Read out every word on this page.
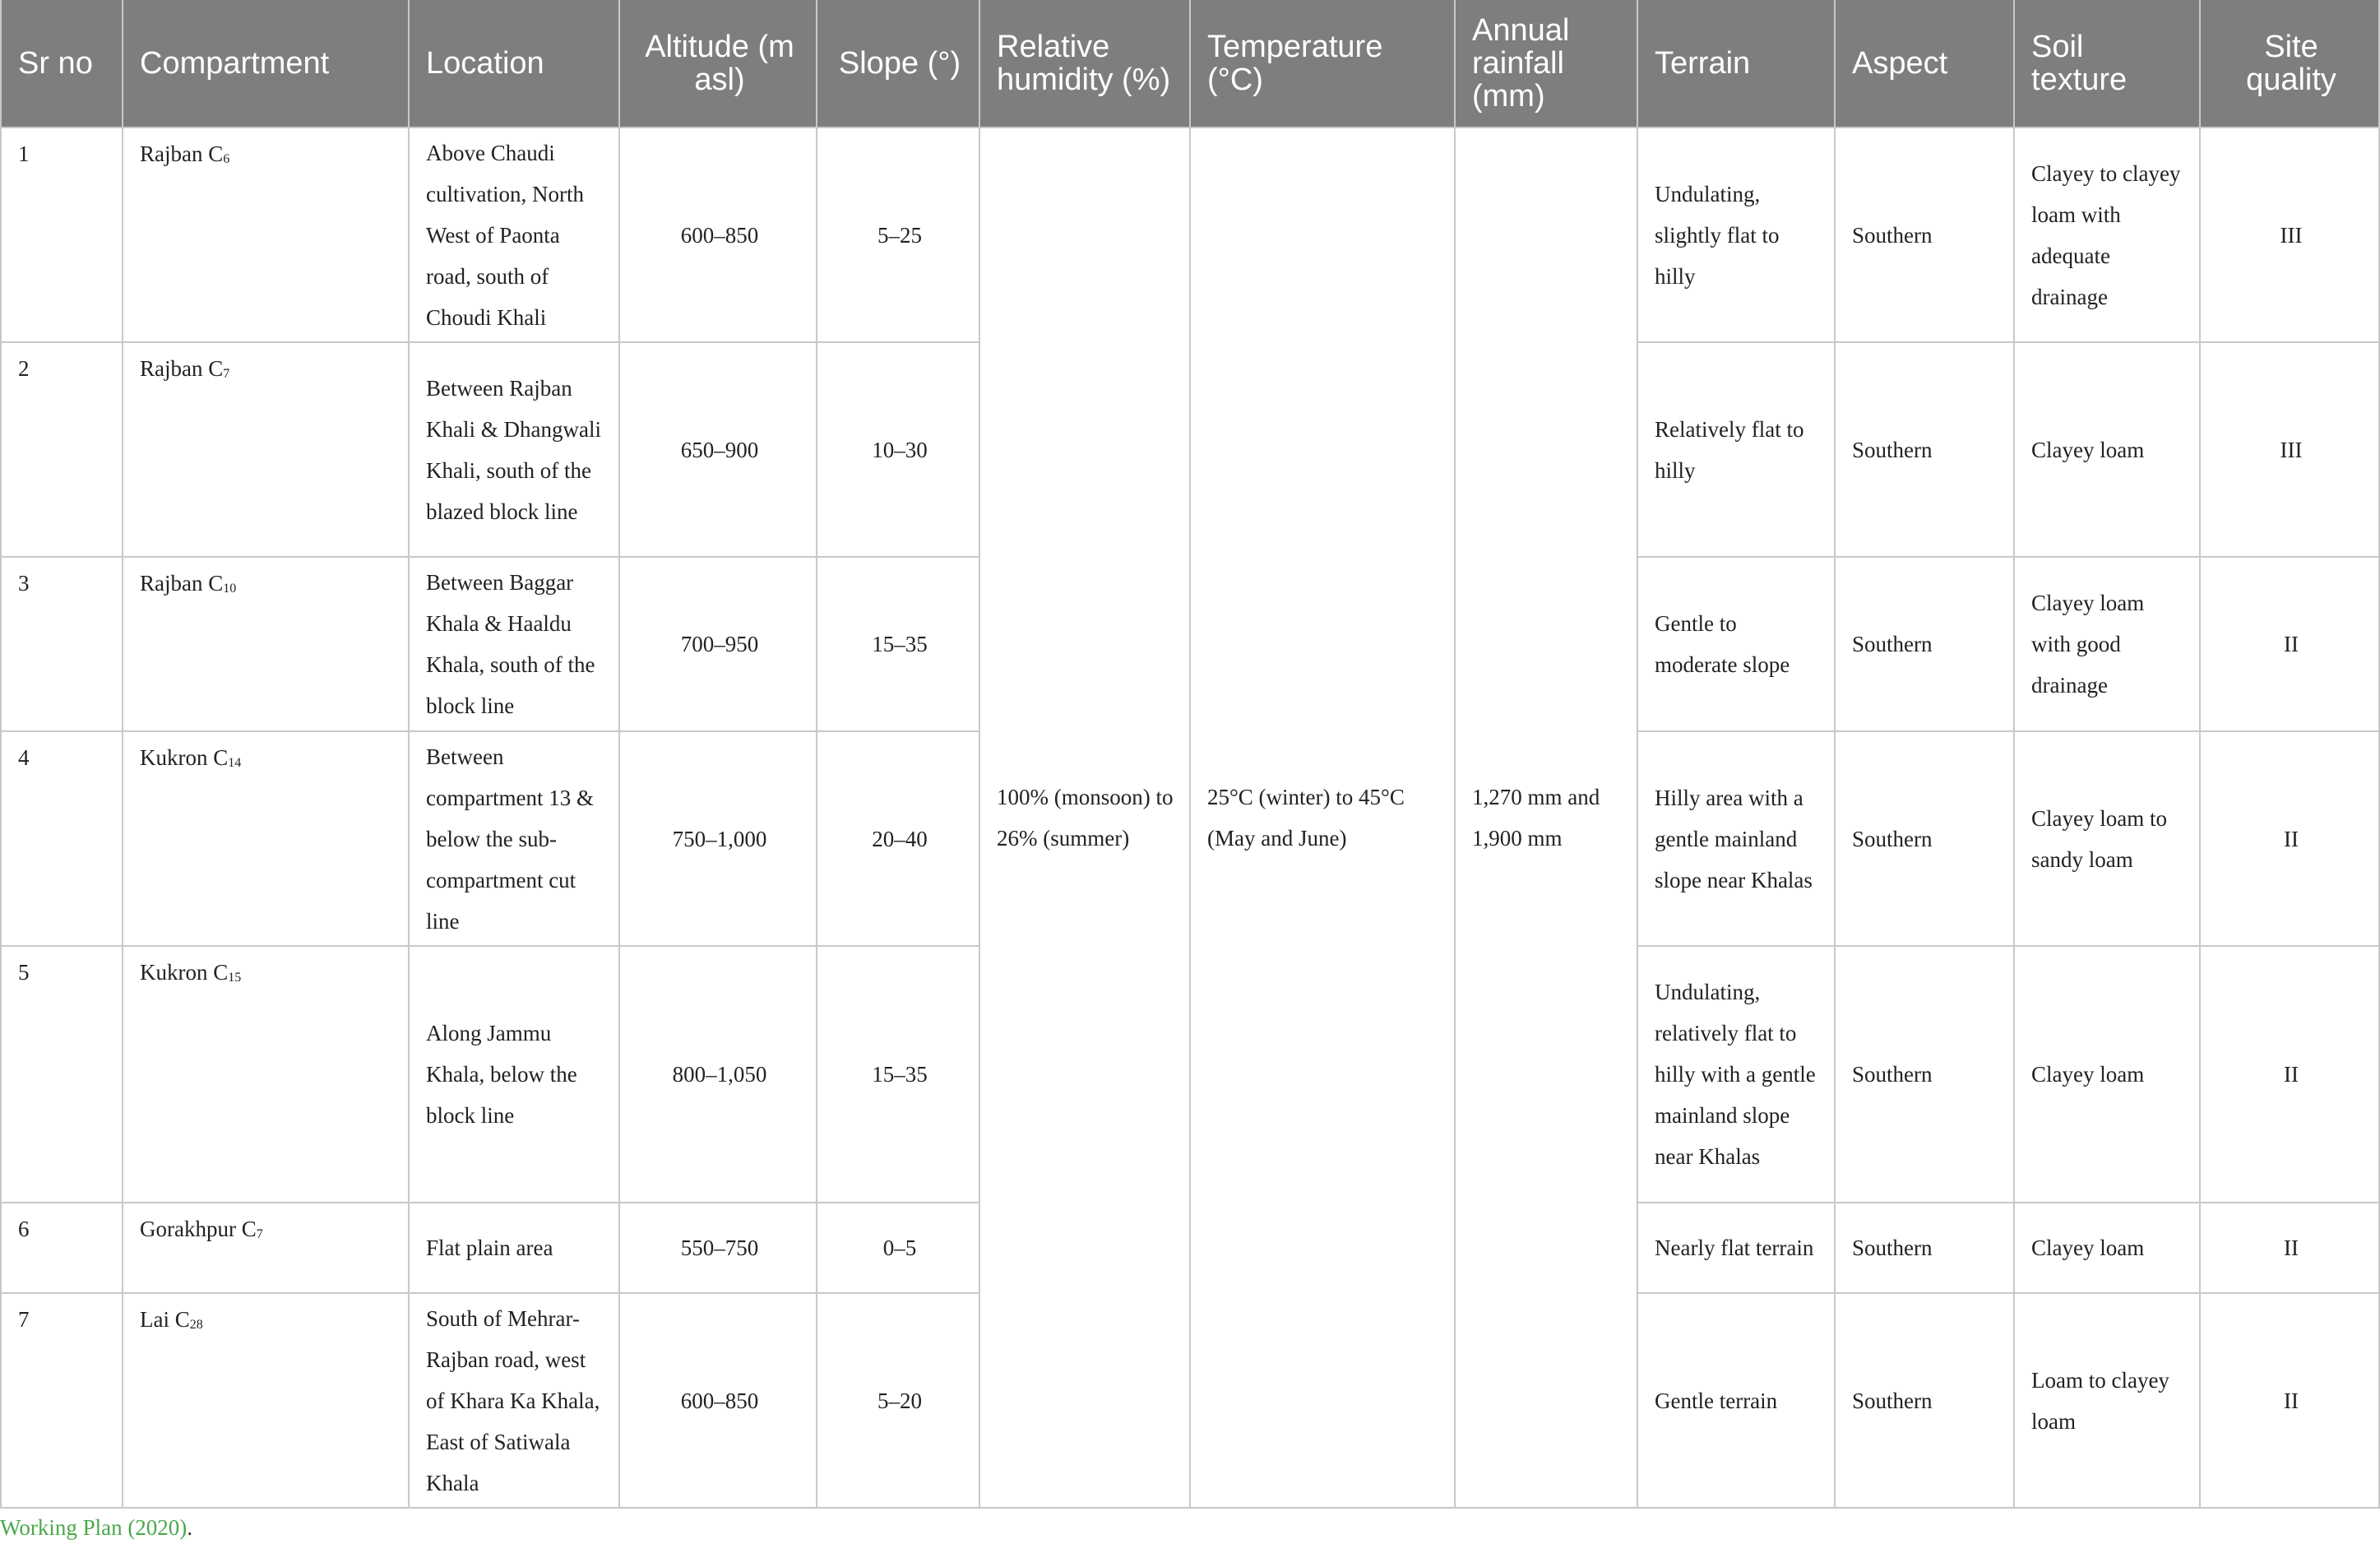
Sr no	Compartment	Location	Altitude (m asl)	Slope (°)	Relative humidity (%)	Temperature (°C)	Annual rainfall (mm)	Terrain	Aspect	Soil texture	Site quality
1	Rajban $C_6$	Above Chaudi cultivation, North West of Paonta road, south of Choudi Khali	600–850	5–25	100% (monsoon) to 26% (summer)	25°C (winter) to 45°C (May and June)	1,270 mm and 1,900 mm	Undulating, slightly flat to hilly	Southern	Clayey to clayey loam with adequate drainage	III
2	Rajban $C_7$	Between Rajban Khali & Dhangwali Khali, south of the blazed block line	650–900	10–30				Relatively flat to hilly	Southern	Clayey loam	III
3	Rajban $C_{10}$	Between Baggar Khala & Haaldu Khala, south of the block line	700–950	15–35				Gentle to moderate slope	Southern	Clayey loam with good drainage	II
4	Kukron $C_{14}$	Between compartment 13 & below the sub-compartment cut line	750–1,000	20–40				Hilly area with a gentle mainland slope near Khalas	Southern	Clayey loam to sandy loam	II
5	Kukron $C_{15}$	Along Jammu Khala, below the block line	800–1,050	15–35				Undulating, relatively flat to hilly with a gentle mainland slope near Khalas	Southern	Clayey loam	II
6	Gorakhpur $C_7$	Flat plain area	550–750	0–5				Nearly flat terrain	Southern	Clayey loam	II
7	Lai $C_{28}$	South of Mehrar-Rajban road, west of Khara Ka Khala, East of Satiwala Khala	600–850	5–20				Gentle terrain	Southern	Loam to clayey loam	II
Working Plan (2020).
